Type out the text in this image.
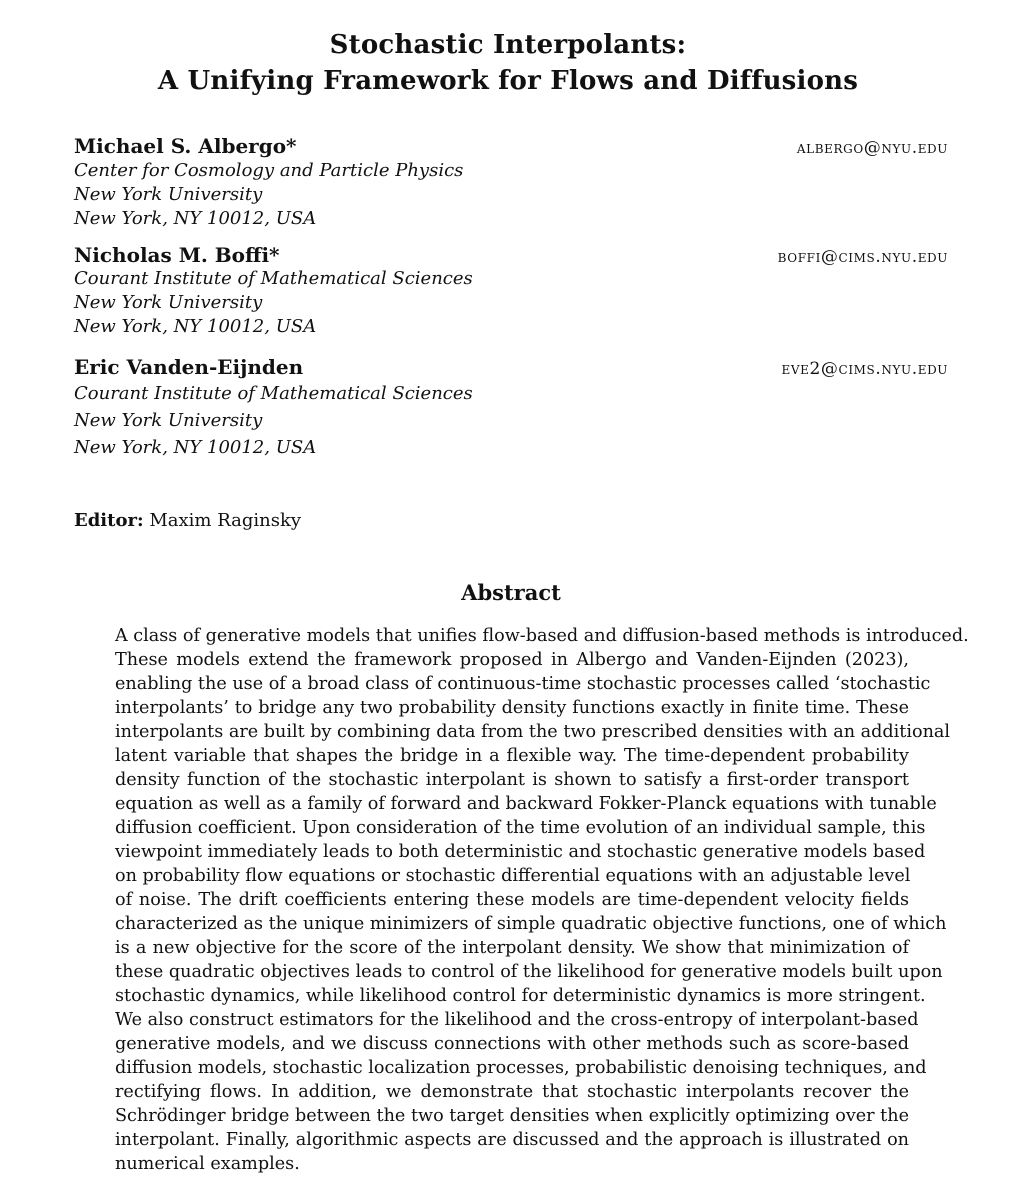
Stochastic Interpolants:
A Unifying Framework for Flows and Diffusions
Michael S. Albergo*	albergo@nyu.edu
Center for Cosmology and Particle Physics
New York University
New York, NY 10012, USA
Nicholas M. Boffi*	boffi@cims.nyu.edu
Courant Institute of Mathematical Sciences
New York University
New York, NY 10012, USA
Eric Vanden-Eijnden	eve2@cims.nyu.edu
Courant Institute of Mathematical Sciences
New York University
New York, NY 10012, USA
Editor: Maxim Raginsky
Abstract
A class of generative models that unifies flow-based and diffusion-based methods is introduced.
These models extend the framework proposed in Albergo and Vanden-Eijnden (2023),
enabling the use of a broad class of continuous-time stochastic processes called ‘stochastic
interpolants’ to bridge any two probability density functions exactly in finite time. These
interpolants are built by combining data from the two prescribed densities with an additional
latent variable that shapes the bridge in a flexible way. The time-dependent probability
density function of the stochastic interpolant is shown to satisfy a first-order transport
equation as well as a family of forward and backward Fokker-Planck equations with tunable
diffusion coefficient. Upon consideration of the time evolution of an individual sample, this
viewpoint immediately leads to both deterministic and stochastic generative models based
on probability flow equations or stochastic differential equations with an adjustable level
of noise. The drift coefficients entering these models are time-dependent velocity fields
characterized as the unique minimizers of simple quadratic objective functions, one of which
is a new objective for the score of the interpolant density. We show that minimization of
these quadratic objectives leads to control of the likelihood for generative models built upon
stochastic dynamics, while likelihood control for deterministic dynamics is more stringent.
We also construct estimators for the likelihood and the cross-entropy of interpolant-based
generative models, and we discuss connections with other methods such as score-based
diffusion models, stochastic localization processes, probabilistic denoising techniques, and
rectifying flows. In addition, we demonstrate that stochastic interpolants recover the
Schrödinger bridge between the two target densities when explicitly optimizing over the
interpolant. Finally, algorithmic aspects are discussed and the approach is illustrated on
numerical examples.
